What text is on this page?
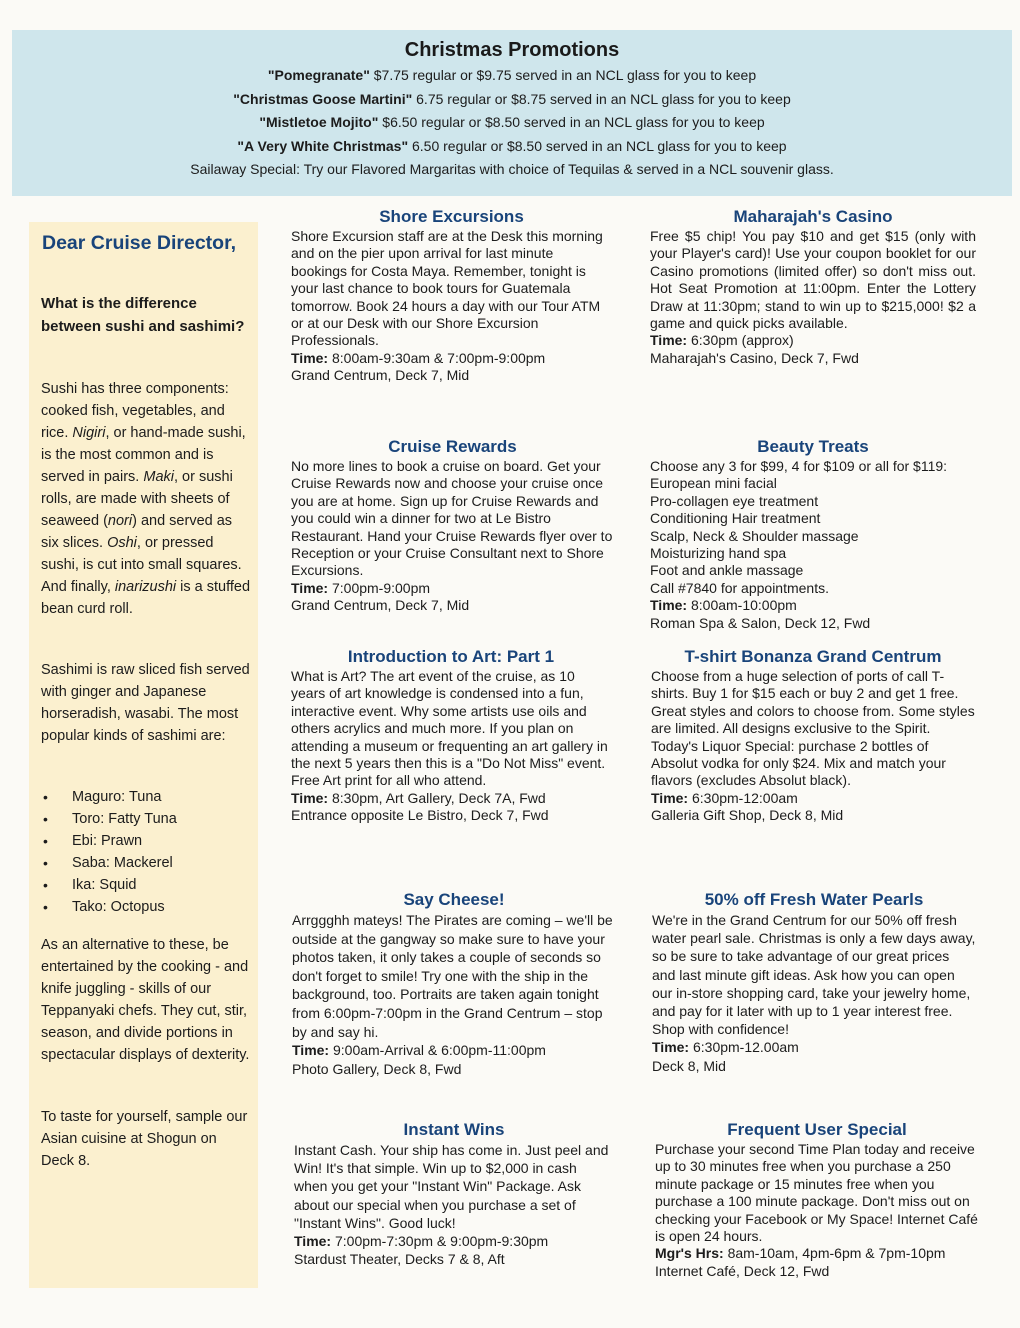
Christmas Promotions
"Pomegranate" $7.75 regular or $9.75 served in an NCL glass for you to keep
"Christmas Goose Martini" 6.75 regular or $8.75 served in an NCL glass for you to keep
"Mistletoe Mojito" $6.50 regular or $8.50 served in an NCL glass for you to keep
"A Very White Christmas" 6.50 regular or $8.50 served in an NCL glass for you to keep
Sailaway Special: Try our Flavored Margaritas with choice of Tequilas & served in a NCL souvenir glass.
Dear Cruise Director,
What is the difference between sushi and sashimi?
Sushi has three components: cooked fish, vegetables, and rice. Nigiri, or hand-made sushi, is the most common and is served in pairs. Maki, or sushi rolls, are made with sheets of seaweed (nori) and served as six slices. Oshi, or pressed sushi, is cut into small squares. And finally, inarizushi is a stuffed bean curd roll.
Sashimi is raw sliced fish served with ginger and Japanese horseradish, wasabi. The most popular kinds of sashimi are:
• Maguro: Tuna
• Toro: Fatty Tuna
• Ebi: Prawn
• Saba: Mackerel
• Ika: Squid
• Tako: Octopus
As an alternative to these, be entertained by the cooking - and knife juggling - skills of our Teppanyaki chefs. They cut, stir, season, and divide portions in spectacular displays of dexterity.
To taste for yourself, sample our Asian cuisine at Shogun on Deck 8.
Shore Excursions

Shore Excursion staff are at the Desk this morning and on the pier upon arrival for last minute bookings for Costa Maya. Remember, tonight is your last chance to book tours for Guatemala tomorrow. Book 24 hours a day with our Tour ATM or at our Desk with our Shore Excursion Professionals.

Time: 8:00am-9:30am & 7:00pm-9:00pm

Grand Centrum, Deck 7, Mid

Cruise Rewards

No more lines to book a cruise on board. Get your Cruise Rewards now and choose your cruise once you are at home. Sign up for Cruise Rewards and you could win a dinner for two at Le Bistro Restaurant. Hand your Cruise Rewards flyer over to Reception or your Cruise Consultant next to Shore Excursions.

Time: 7:00pm-9:00pm

Grand Centrum, Deck 7, Mid

Introduction to Art: Part 1

What is Art? The art event of the cruise, as 10 years of art knowledge is condensed into a fun, interactive event. Why some artists use oils and others acrylics and much more. If you plan on attending a museum or frequenting an art gallery in the next 5 years then this is a "Do Not Miss" event. Free Art print for all who attend.

Time: 8:30pm, Art Gallery, Deck 7A, Fwd

Entrance opposite Le Bistro, Deck 7, Fwd

Say Cheese!

Arrggghh mateys! The Pirates are coming – we'll be outside at the gangway so make sure to have your photos taken, it only takes a couple of seconds so don't forget to smile! Try one with the ship in the background, too. Portraits are taken again tonight from 6:00pm-7:00pm in the Grand Centrum – stop by and say hi.

Time: 9:00am-Arrival & 6:00pm-11:00pm

Photo Gallery, Deck 8, Fwd

Instant Wins

Instant Cash. Your ship has come in. Just peel and Win! It's that simple. Win up to $2,000 in cash when you get your "Instant Win" Package. Ask about our special when you purchase a set of "Instant Wins". Good luck!

Time: 7:00pm-7:30pm & 9:00pm-9:30pm

Stardust Theater, Decks 7 & 8, Aft

Maharajah's Casino

Free $5 chip! You pay $10 and get $15 (only with your Player's card)! Use your coupon booklet for our Casino promotions (limited offer) so don't miss out. Hot Seat Promotion at 11:00pm. Enter the Lottery Draw at 11:30pm; stand to win up to $215,000! $2 a game and quick picks available.

Time: 6:30pm (approx)

Maharajah's Casino, Deck 7, Fwd

Beauty Treats

Choose any 3 for $99, 4 for $109 or all for $119:

European mini facial

Pro-collagen eye treatment

Conditioning Hair treatment

Scalp, Neck & Shoulder massage

Moisturizing hand spa

Foot and ankle massage

Call #7840 for appointments.

Time: 8:00am-10:00pm

Roman Spa & Salon, Deck 12, Fwd

T-shirt Bonanza Grand Centrum

Choose from a huge selection of ports of call T-shirts. Buy 1 for $15 each or buy 2 and get 1 free. Great styles and colors to choose from. Some styles are limited. All designs exclusive to the Spirit. Today's Liquor Special: purchase 2 bottles of Absolut vodka for only $24. Mix and match your flavors (excludes Absolut black).

Time: 6:30pm-12:00am

Galleria Gift Shop, Deck 8, Mid

50% off Fresh Water Pearls

We're in the Grand Centrum for our 50% off fresh water pearl sale. Christmas is only a few days away, so be sure to take advantage of our great prices and last minute gift ideas. Ask how you can open our in-store shopping card, take your jewelry home, and pay for it later with up to 1 year interest free. Shop with confidence!

Time: 6:30pm-12.00am

Deck 8, Mid

Frequent User Special

Purchase your second Time Plan today and receive up to 30 minutes free when you purchase a 250 minute package or 15 minutes free when you purchase a 100 minute package. Don't miss out on checking your Facebook or My Space! Internet Café is open 24 hours.

Mgr's Hrs: 8am-10am, 4pm-6pm & 7pm-10pm

Internet Café, Deck 12, Fwd
